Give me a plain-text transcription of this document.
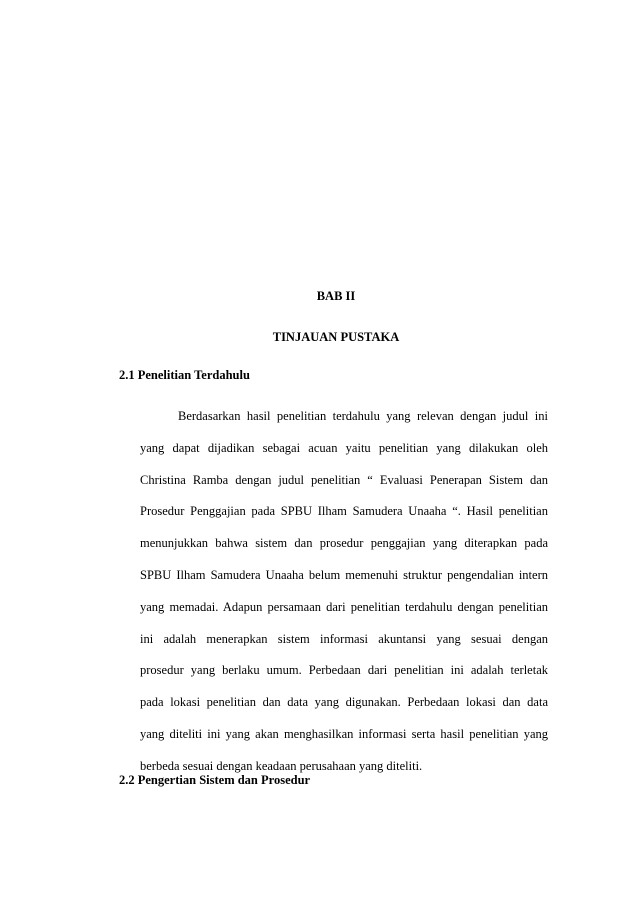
BAB II
TINJAUAN PUSTAKA
2.1 Penelitian Terdahulu
Berdasarkan hasil penelitian terdahulu yang relevan dengan judul ini
yang dapat dijadikan sebagai acuan yaitu penelitian yang dilakukan oleh
Christina Ramba dengan judul penelitian “ Evaluasi Penerapan Sistem dan
Prosedur Penggajian pada SPBU Ilham Samudera Unaaha “. Hasil penelitian
menunjukkan bahwa sistem dan prosedur penggajian yang diterapkan pada
SPBU Ilham Samudera Unaaha belum memenuhi struktur pengendalian intern
yang memadai. Adapun persamaan dari penelitian terdahulu dengan penelitian
ini adalah menerapkan sistem informasi akuntansi yang sesuai dengan
prosedur yang berlaku umum. Perbedaan dari penelitian ini adalah terletak
pada lokasi penelitian dan data yang digunakan. Perbedaan lokasi dan data
yang diteliti ini yang akan menghasilkan informasi serta hasil penelitian yang
berbeda sesuai dengan keadaan perusahaan yang diteliti.
2.2 Pengertian Sistem dan Prosedur
